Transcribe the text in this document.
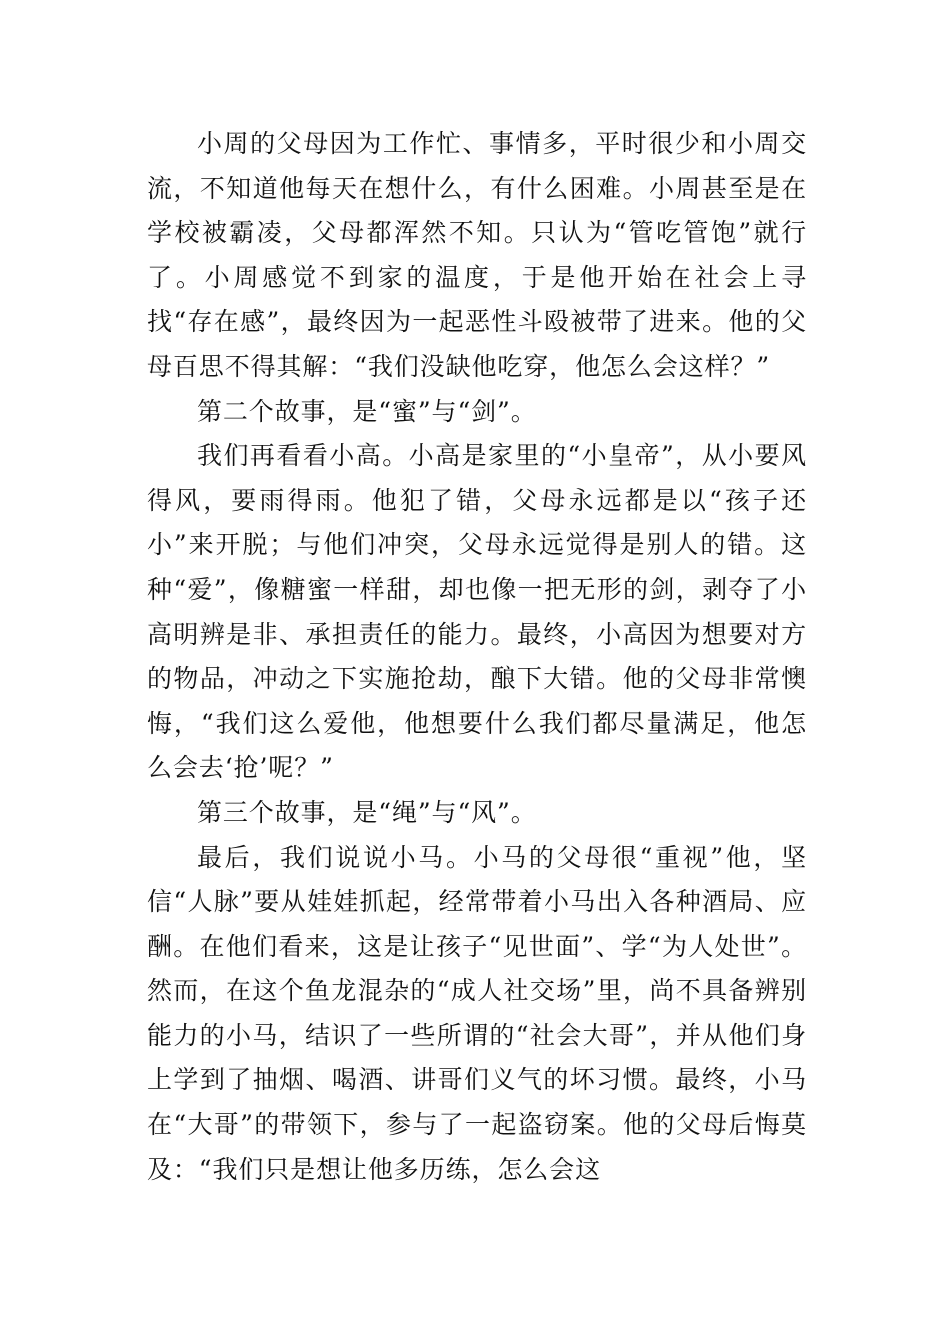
小周的父母因为工作忙、事情多，平时很少和小周交流，不知道他每天在想什么，有什么困难。小周甚至是在学校被霸凌，父母都浑然不知。只认为“管吃管饱”就行了。小周感觉不到家的温度，于是他开始在社会上寻找“存在感”，最终因为一起恶性斗殴被带了进来。他的父母百思不得其解：“我们没缺他吃穿，他怎么会这样？”

第二个故事，是“蜜”与“剑”。

我们再看看小高。小高是家里的“小皇帝”，从小要风得风，要雨得雨。他犯了错，父母永远都是以“孩子还小”来开脱；与他们冲突，父母永远觉得是别人的错。这种“爱”，像糖蜜一样甜，却也像一把无形的剑，剥夺了小高明辨是非、承担责任的能力。最终，小高因为想要对方的物品，冲动之下实施抢劫，酿下大错。他的父母非常懊悔，“我们这么爱他，他想要什么我们都尽量满足，他怎么会去‘抢’呢？”

第三个故事，是“绳”与“风”。

最后，我们说说小马。小马的父母很“重视”他，坚信“人脉”要从娃娃抓起，经常带着小马出入各种酒局、应酬。在他们看来，这是让孩子“见世面”、学“为人处世”。然而，在这个鱼龙混杂的“成人社交场”里，尚不具备辨别能力的小马，结识了一些所谓的“社会大哥”，并从他们身上学到了抽烟、喝酒、讲哥们义气的坏习惯。最终，小马在“大哥”的带领下，参与了一起盗窃案。他的父母后悔莫及：“我们只是想让他多历练，怎么会这
